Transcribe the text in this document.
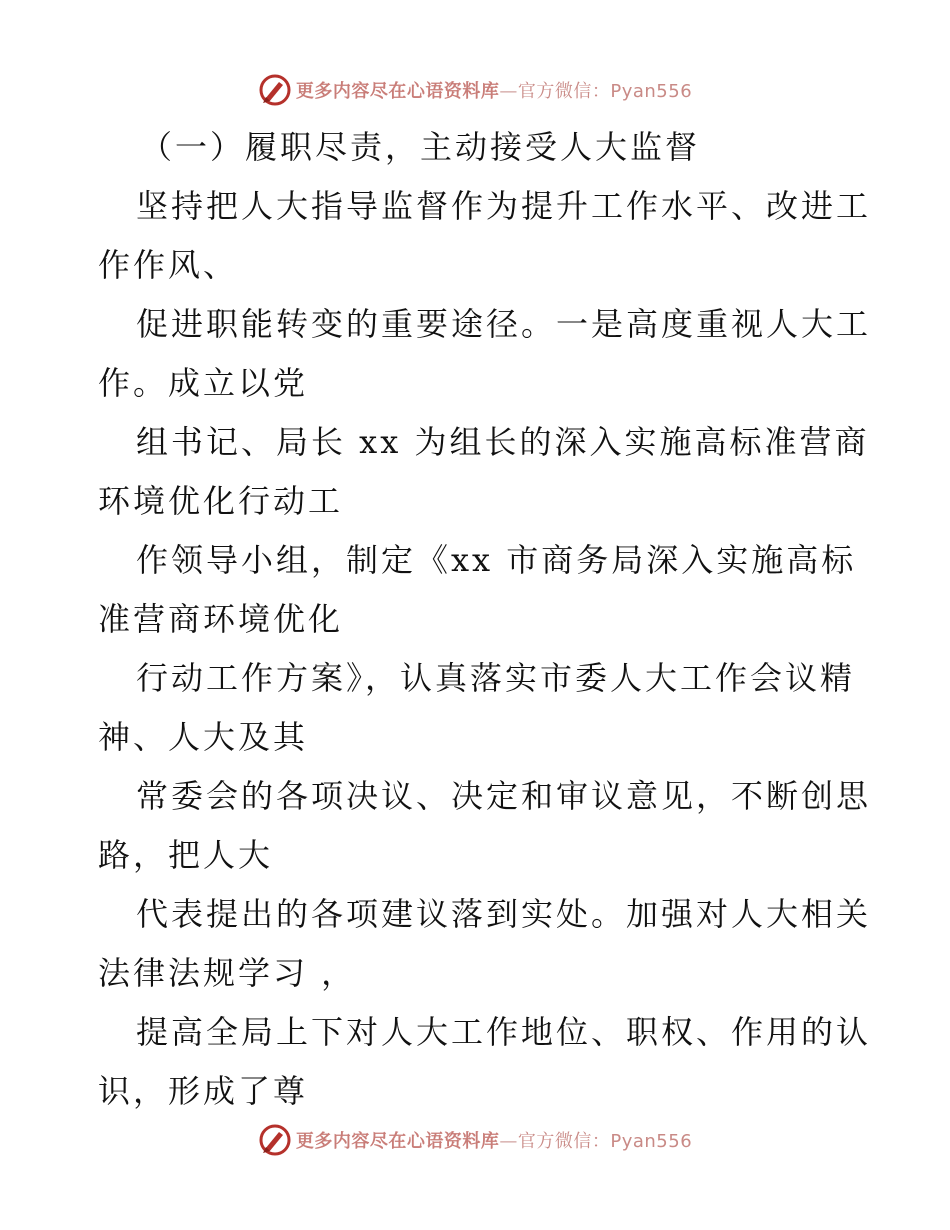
更多内容尽在心语资料库—官方微信：Pyan556
（一）履职尽责，主动接受人大监督
坚持把人大指导监督作为提升工作水平、改进工
作作风、
促进职能转变的重要途径。一是高度重视人大工
作。成立以党
组书记、局长 xx 为组长的深入实施高标准营商
环境优化行动工
作领导小组，制定《xx 市商务局深入实施高标
准营商环境优化
行动工作方案》，认真落实市委人大工作会议精
神、人大及其
常委会的各项决议、决定和审议意见，不断创思
路，把人大
代表提出的各项建议落到实处。加强对人大相关
法律法规学习 ，
提高全局上下对人大工作地位、职权、作用的认
识，形成了尊
更多内容尽在心语资料库—官方微信：Pyan556
